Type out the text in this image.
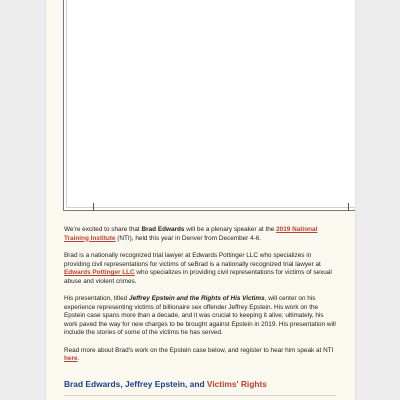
We're excited to share that Brad Edwards will be a plenary speaker at the 2019 National Training Institute (NTI), held this year in Denver from December 4-6.

Brad is a nationally recognized trial lawyer at Edwards Pottinger LLC who specializes in providing civil representations for victims of seBrad is a nationally recognized trial lawyer at Edwards Pottinger LLC who specializes in providing civil representations for victims of sexual abuse and violent crimes.

His presentation, titled Jeffrey Epstein and the Rights of His Victims, will center on his experience representing victims of billionaire sex offender Jeffrey Epstein. His work on the Epstein case spans more than a decade, and it was crucial to keeping it alive; ultimately, his work paved the way for new charges to be brought against Epstein in 2019. His presentation will include the stories of some of the victims he has served.

Read more about Brad's work on the Epstein case below, and register to hear him speak at NTI here.

Brad Edwards, Jeffrey Epstein, and Victims' Rights
